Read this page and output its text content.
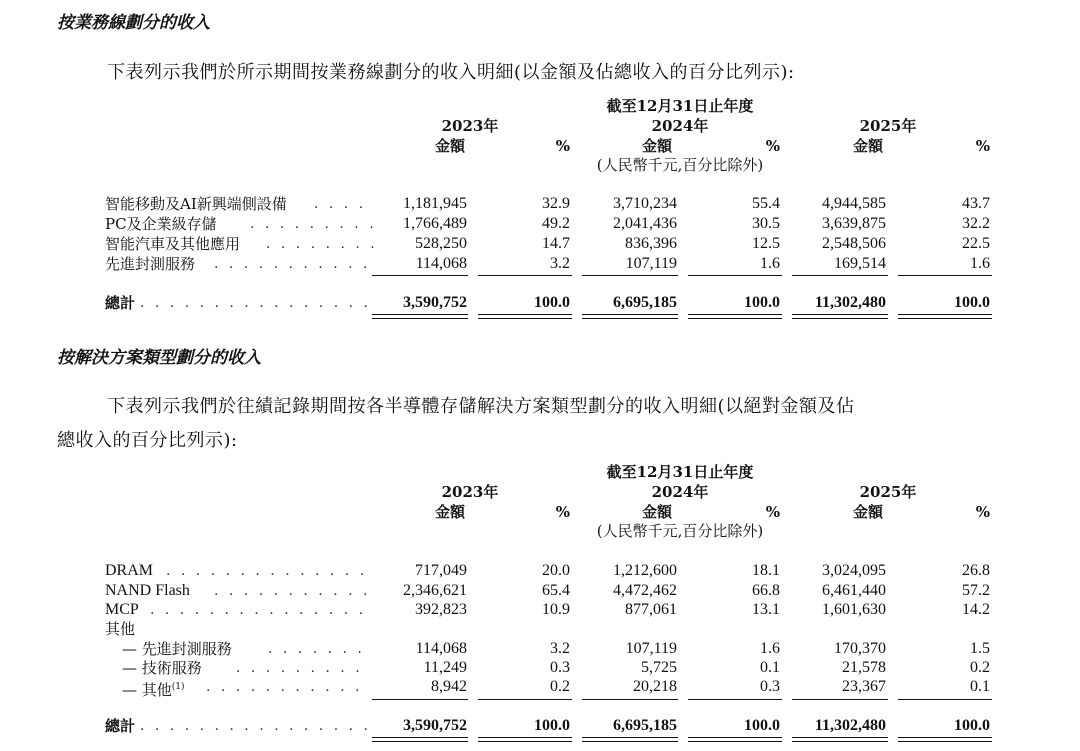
按業務線劃分的收入
下表列示我們於所示期間按業務線劃分的收入明細(以金額及佔總收入的百分比列示):
截至12月31日止年度
2023年	2024年	2025年
金額	%	金額	%	金額	%
(人民幣千元,百分比除外)
智能移動及AI新興端側設備 . . . .	1,181,945	32.9	3,710,234	55.4	4,944,585	43.7
PC及企業級存儲 . . . . . . . . .	1,766,489	49.2	2,041,436	30.5	3,639,875	32.2
智能汽車及其他應用 . . . . . . . .	528,250	14.7	836,396	12.5	2,548,506	22.5
先進封測服務 . . . . . . . . . . .	114,068	3.2	107,119	1.6	169,514	1.6
總計 . . . . . . . . . . . . . . . .	3,590,752	100.0	6,695,185	100.0	11,302,480	100.0
按解決方案類型劃分的收入
下表列示我們於往績記錄期間按各半導體存儲解決方案類型劃分的收入明細(以絕對金額及佔
總收入的百分比列示):
截至12月31日止年度
2023年	2024年	2025年
金額	%	金額	%	金額	%
(人民幣千元,百分比除外)
DRAM . . . . . . . . . . . . . .	717,049	20.0	1,212,600	18.1	3,024,095	26.8
NAND Flash . . . . . . . . . . .	2,346,621	65.4	4,472,462	66.8	6,461,440	57.2
MCP . . . . . . . . . . . . . . .	392,823	10.9	877,061	13.1	1,601,630	14.2
其他
— 先進封測服務	. . . . . . .	114,068	3.2	107,119	1.6	170,370	1.5
— 技術服務 . . . . . . . . .	11,249	0.3	5,725	0.1	21,578	0.2
— 其他$^{(1)}$ . . . . . . . . . . .	8,942	0.2	20,218	0.3	23,367	0.1
總計 . . . . . . . . . . . . . . . .	3,590,752	100.0	6,695,185	100.0	11,302,480	100.0
